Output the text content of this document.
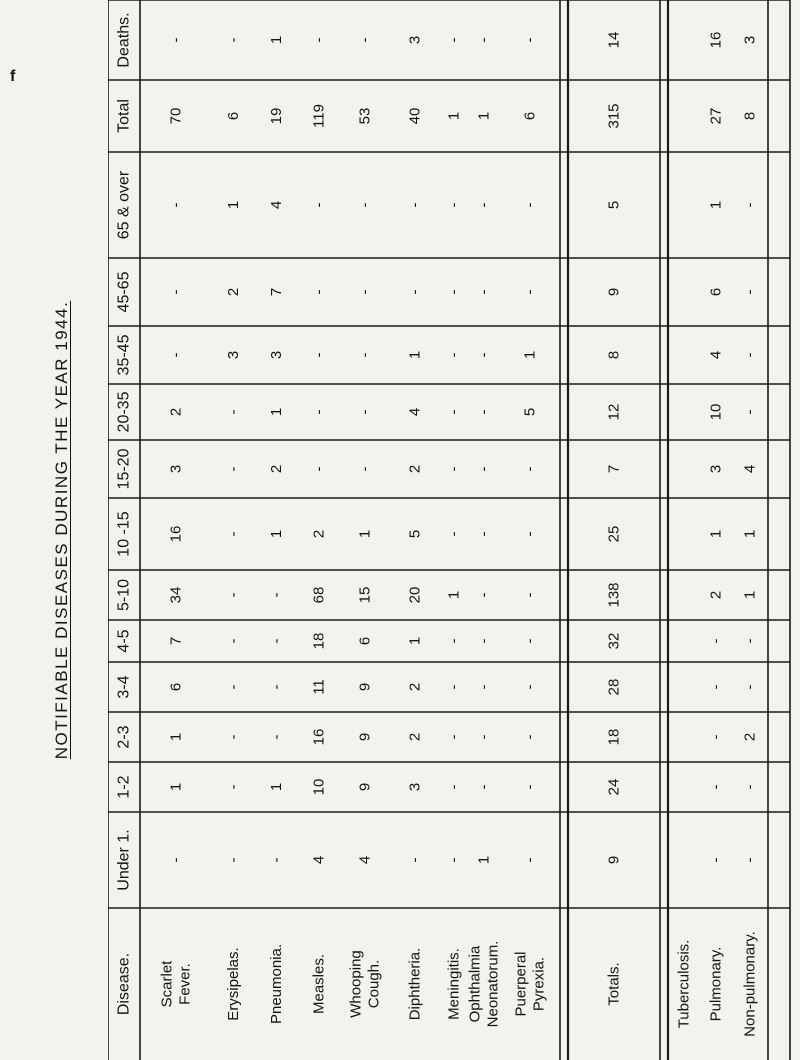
NOTIFIABLE DISEASES DURING THE YEAR 1944.
f
Disease.
Under 1.
1-2
2-3
3-4
4-5
5-10
10 -15
15-20
20-35
35-45
45-65
65 & over
Total
Deaths.
Scarlet Fever.
-
1
1
6
7
34
16
3
2
-
-
-
70
-
Erysipelas.
-
-
-
-
-
-
-
-
-
3
2
1
6
-
Pneumonia.
-
1
-
-
-
-
1
2
1
3
7
4
19
1
Measles.
4
10
16
11
18
68
2
-
-
-
-
-
119
-
Whooping Cough.
4
9
9
9
6
15
1
-
-
-
-
-
53
-
Diphtheria.
-
3
2
2
1
20
5
2
4
1
-
-
40
3
Meningitis.
-
-
-
-
-
1
-
-
-
-
-
-
1
-
Ophthalmia Neonatorum.
1
-
-
-
-
-
-
-
-
-
-
-
1
-
Puerperal Pyrexia.
-
-
-
-
-
-
-
-
5
1
-
-
6
-
Totals.
9
24
18
28
32
138
25
7
12
8
9
5
315
14
Tuberculosis. Pulmonary.
-
-
-
-
-
2
1
3
10
4
6
1
27
16
Non-pulmonary.
-
-
2
-
-
1
1
4
-
-
-
-
8
3
